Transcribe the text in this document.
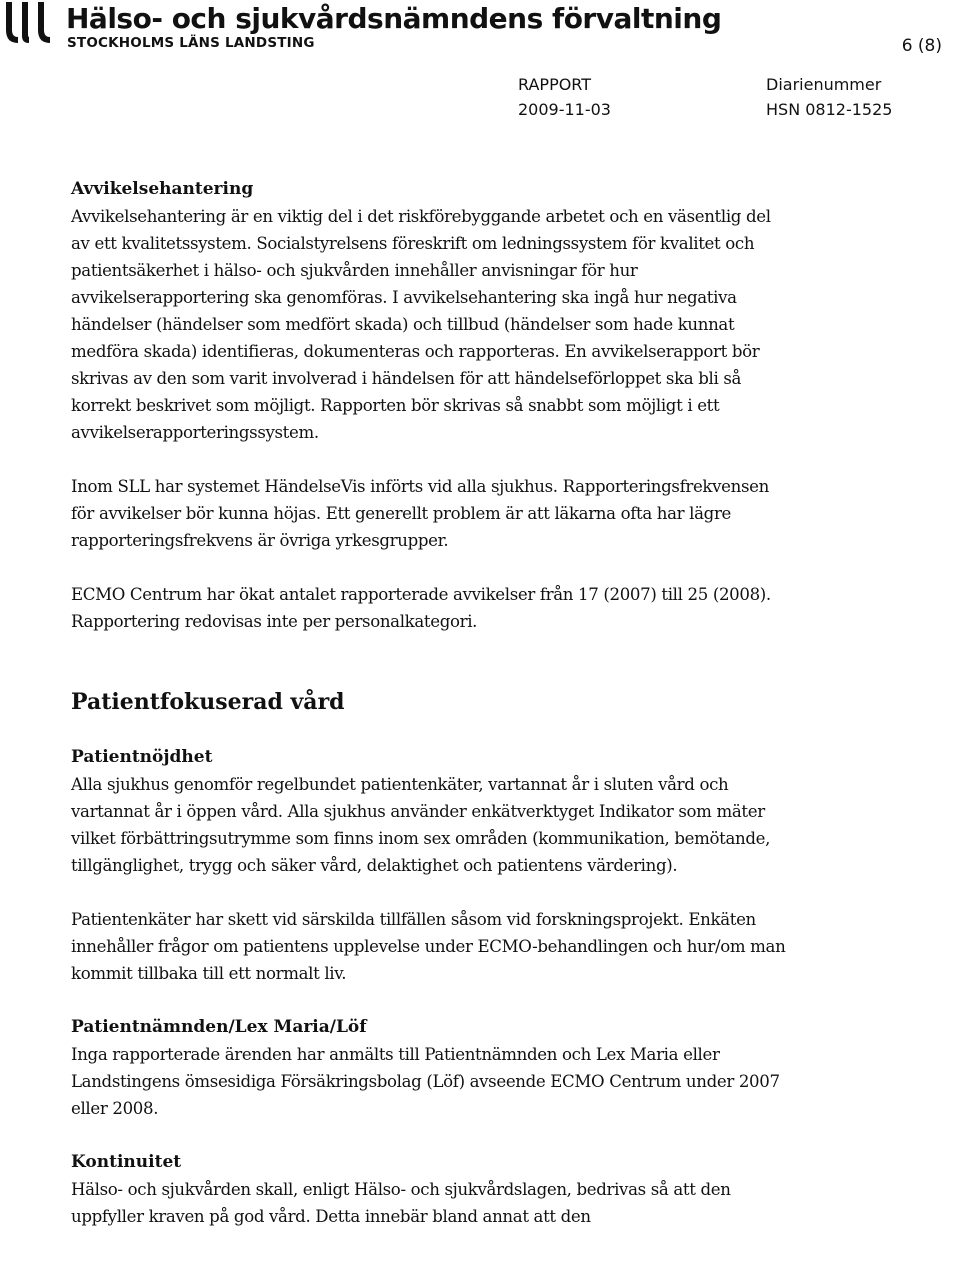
Hälso- och sjukvårdsnämndens förvaltning
STOCKHOLMS LÄNS LANDSTING	6 (8)
RAPPORT
2009-11-03
Diarienummer
HSN 0812-1525
Avvikelsehantering

Avvikelsehantering är en viktig del i det riskförebyggande arbetet och en väsentlig del av ett kvalitetssystem. Socialstyrelsens föreskrift om ledningssystem för kvalitet och patientsäkerhet i hälso- och sjukvården innehåller anvisningar för hur avvikelserapportering ska genomföras. I avvikelsehantering ska ingå hur negativa händelser (händelser som medfört skada) och tillbud (händelser som hade kunnat medföra skada) identifieras, dokumenteras och rapporteras. En avvikelserapport bör skrivas av den som varit involverad i händelsen för att händelseförloppet ska bli så korrekt beskrivet som möjligt. Rapporten bör skrivas så snabbt som möjligt i ett avvikelserapporteringssystem.

Inom SLL har systemet HändelseVis införts vid alla sjukhus. Rapporteringsfrekvensen för avvikelser bör kunna höjas. Ett generellt problem är att läkarna ofta har lägre rapporteringsfrekvens är övriga yrkesgrupper.

ECMO Centrum har ökat antalet rapporterade avvikelser från 17 (2007) till 25 (2008). Rapportering redovisas inte per personalkategori.

Patientfokuserad vård
Patientnöjdhet

Alla sjukhus genomför regelbundet patientenkäter, vartannat år i sluten vård och vartannat år i öppen vård. Alla sjukhus använder enkätverktyget Indikator som mäter vilket förbättringsutrymme som finns inom sex områden (kommunikation, bemötande, tillgänglighet, trygg och säker vård, delaktighet och patientens värdering).

Patientenkäter har skett vid särskilda tillfällen såsom vid forskningsprojekt. Enkäten innehåller frågor om patientens upplevelse under ECMO-behandlingen och hur/om man kommit tillbaka till ett normalt liv.

Patientnämnden/Lex Maria/Löf

Inga rapporterade ärenden har anmälts till Patientnämnden och Lex Maria eller Landstingens ömsesidiga Försäkringsbolag (Löf) avseende ECMO Centrum under 2007 eller 2008.

Kontinuitet

Hälso- och sjukvården skall, enligt Hälso- och sjukvårdslagen, bedrivas så att den uppfyller kraven på god vård. Detta innebär bland annat att den
